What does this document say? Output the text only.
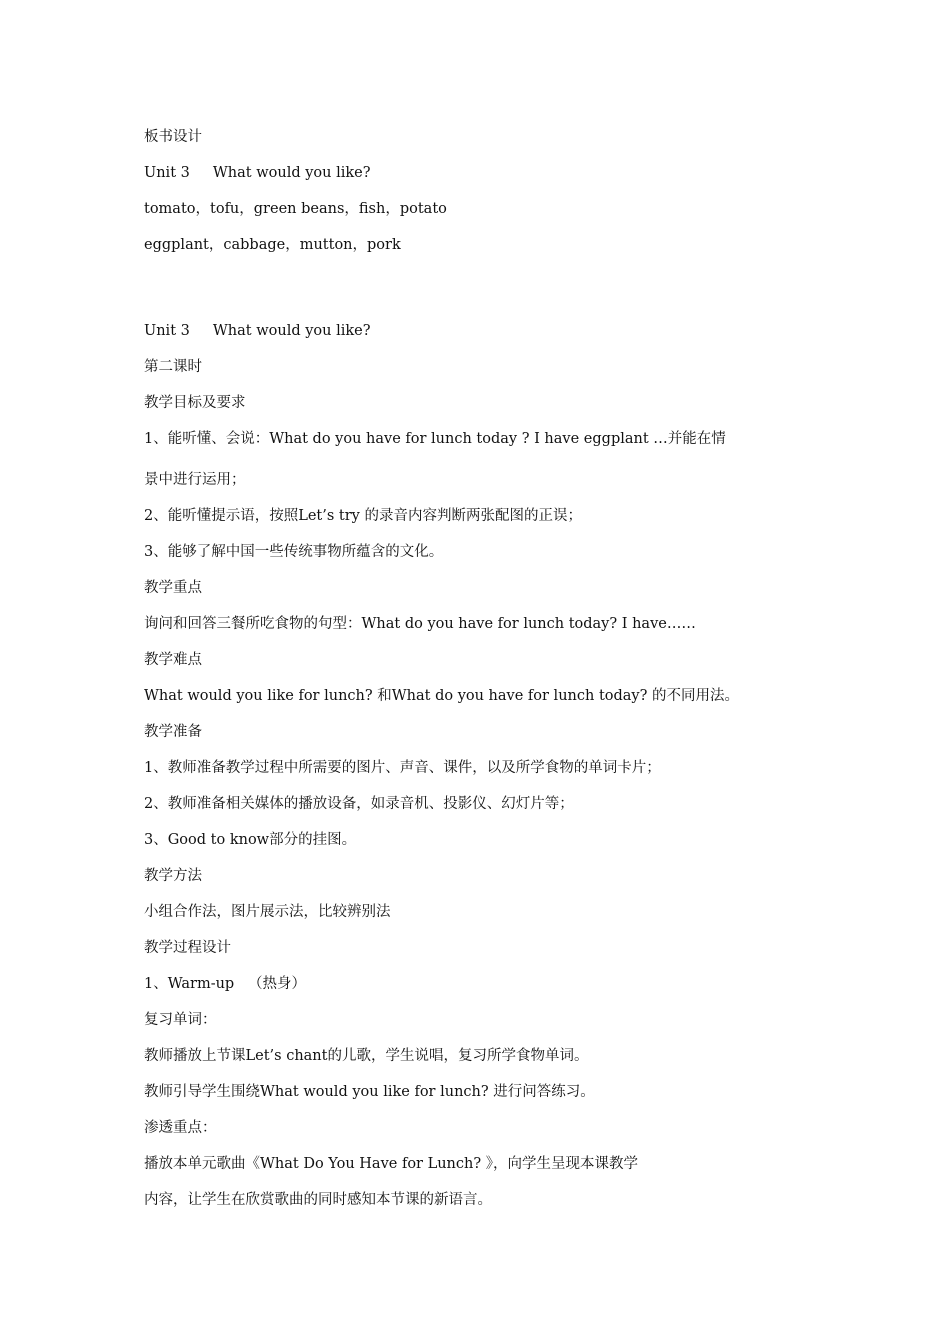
板书设计
Unit 3     What would you like?
tomato，tofu，green beans，fish，potato
eggplant，cabbage，mutton，pork
Unit 3     What would you like?
第二课时
教学目标及要求
1、能听懂、会说：What do you have for lunch today ? I have eggplant …并能在情
景中进行运用；
2、能听懂提示语，按照Let’s try 的录音内容判断两张配图的正误；
3、能够了解中国一些传统事物所蕴含的文化。
教学重点
询问和回答三餐所吃食物的句型：What do you have for lunch today? I have……
教学难点
What would you like for lunch? 和What do you have for lunch today? 的不同用法。
教学准备
1、教师准备教学过程中所需要的图片、声音、课件，以及所学食物的单词卡片；
2、教师准备相关媒体的播放设备，如录音机、投影仪、幻灯片等；
3、Good to know部分的挂图。
教学方法
小组合作法，图片展示法，比较辨别法
教学过程设计
1、Warm-up   （热身）
复习单词：
教师播放上节课Let’s chant的儿歌，学生说唱，复习所学食物单词。
教师引导学生围绕What would you like for lunch? 进行问答练习。
渗透重点：
播放本单元歌曲《What Do You Have for Lunch? 》，向学生呈现本课教学
内容，让学生在欣赏歌曲的同时感知本节课的新语言。
